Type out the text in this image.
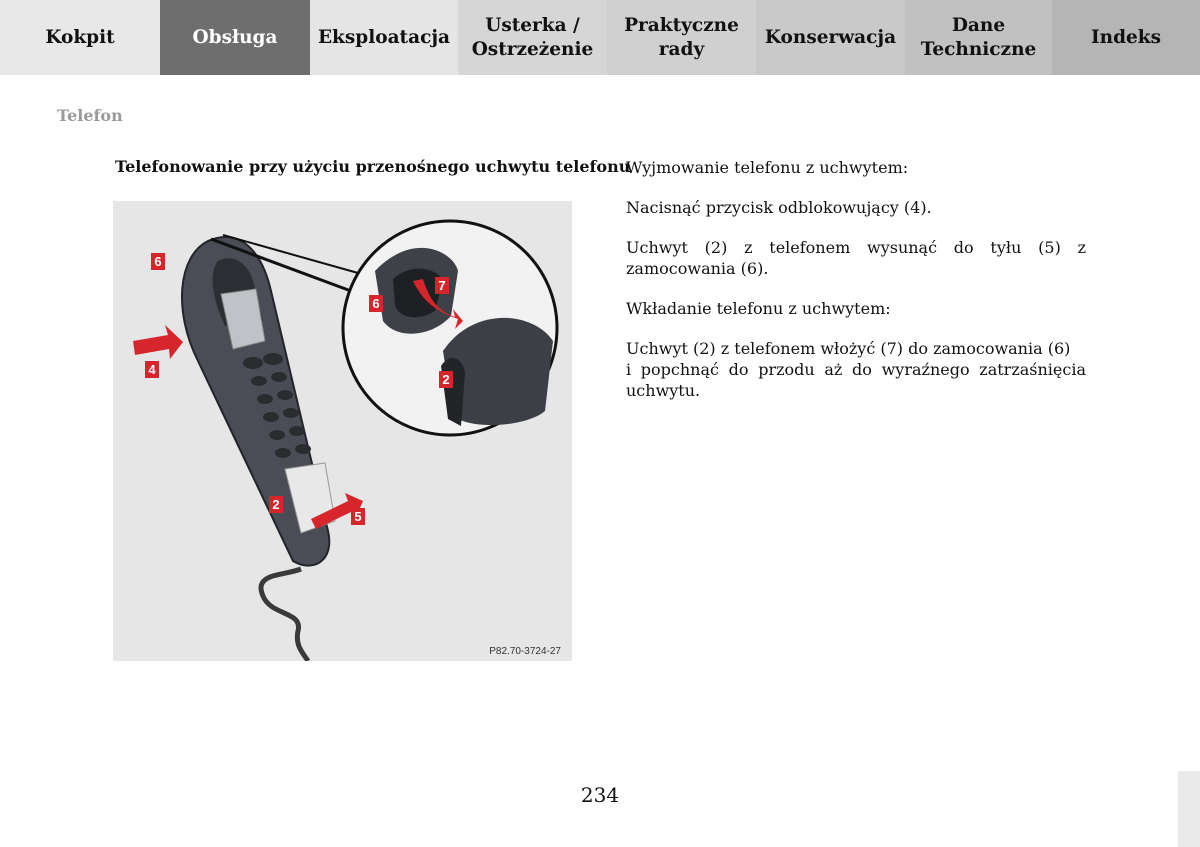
Kokpit	Obsługa	Eksploatacja
Usterka /
Ostrzeżenie
Praktyczne
rady
Konserwacja
Dane
Techniczne
Indeks
Telefon
Telefonowanie przy użyciu przenośnego uchwytu telefonu
6
4
2
5
7
6
2
P82.70-3724-27

Wyjmowanie telefonu z uchwytem:

Nacisnąć przycisk odblokowujący (4).

Uchwyt (2) z telefonem wysunąć do tyłu (5) z zamocowania (6).

Wkładanie telefonu z uchwytem:

Uchwyt (2) z telefonem włożyć (7) do zamocowania (6)
i popchnąć do przodu aż do wyraźnego zatrzaśnięcia uchwytu.

234
